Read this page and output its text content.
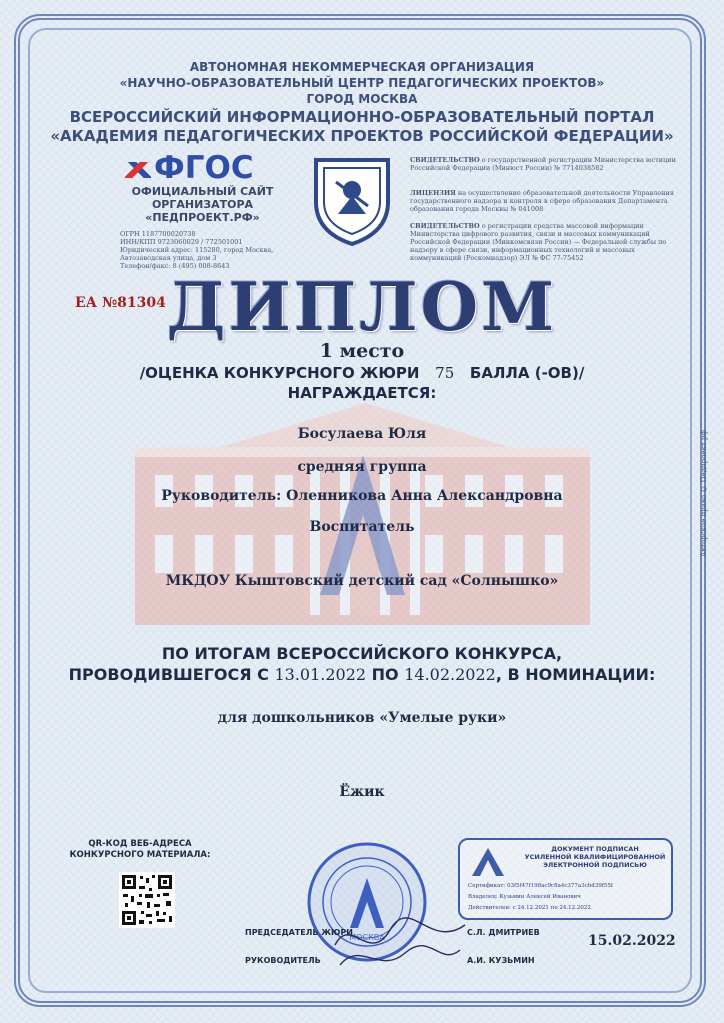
АВТОНОМНАЯ НЕКОММЕРЧЕСКАЯ ОРГАНИЗАЦИЯ
«НАУЧНО-ОБРАЗОВАТЕЛЬНЫЙ ЦЕНТР ПЕДАГОГИЧЕСКИХ ПРОЕКТОВ»
ГОРОД МОСКВА
ВСЕРОССИЙСКИЙ ИНФОРМАЦИОННО-ОБРАЗОВАТЕЛЬНЫЙ ПОРТАЛ
«АКАДЕМИЯ ПЕДАГОГИЧЕСКИХ ПРОЕКТОВ РОССИЙСКОЙ ФЕДЕРАЦИИ»
ФГОС
ОФИЦИАЛЬНЫЙ САЙТ
ОРГАНИЗАТОРА
«ПЕДПРОЕКТ.РФ»
ОГРН 1187700020738
ИНН/КПП 9723060029 / 772501001
Юридический адрес: 115280, город Москва,
Автозаводская улица, дом 3
Телефон/факс: 8 (495) 008-8643
СВИДЕТЕЛЬСТВО о государственной регистрации Министерства юстиции Российской Федерации (Минюст России) № 7714038582
ЛИЦЕНЗИЯ на осуществление образовательной деятельности Управления государственного надзора и контроля в сфере образования Департамента образования города Москвы № 041008
СВИДЕТЕЛЬСТВО о регистрации средства массовой информации Министерства цифрового развития, связи и массовых коммуникаций Российской Федерации (Минкомсвязи России) — Федеральной службы по надзору в сфере связи, информационных технологий и массовых коммуникаций (Роскомнадзор) ЭЛ № ФС 77-75452
ЕА №81304 ДИПЛОМ
1 место
/ОЦЕНКА КОНКУРСНОГО ЖЮРИ 75 БАЛЛА (-ОВ)/
НАГРАЖДАЕТСЯ:
Босулаева Юля
средняя группа
Руководитель: Оленникова Анна Александровна
Воспитатель
МКДОУ Кыштовский детский сад «Солнышко»
ПО ИТОГАМ ВСЕРОССИЙСКОГО КОНКУРСА,
ПРОВОДИВШЕГОСЯ С 13.01.2022 ПО 14.02.2022, В НОМИНАЦИИ:
для дошкольников «Умелые руки»
Ёжик
QR-КОД ВЕБ-АДРЕСА
КОНКУРСНОГО МАТЕРИАЛА:
МОСКВА
ДОКУМЕНТ ПОДПИСАН
УСИЛЕННОЙ КВАЛИФИЦИРОВАННОЙ
ЭЛЕКТРОННОЙ ПОДПИСЬЮ
Сертификат: 03f5f47f198ac9c8a4c377a3cbd39f55f
Владелец: Кузьмин Алексей Иванович
Действителен: с 24.12.2021 по 24.12.2022
ПРЕДСЕДАТЕЛЬ ЖЮРИ	С.Л. ДМИТРИЕВ
РУКОВОДИТЕЛЬ	А.И. КУЗЬМИН
15.02.2022
Авторское право © Педпроект.рф
